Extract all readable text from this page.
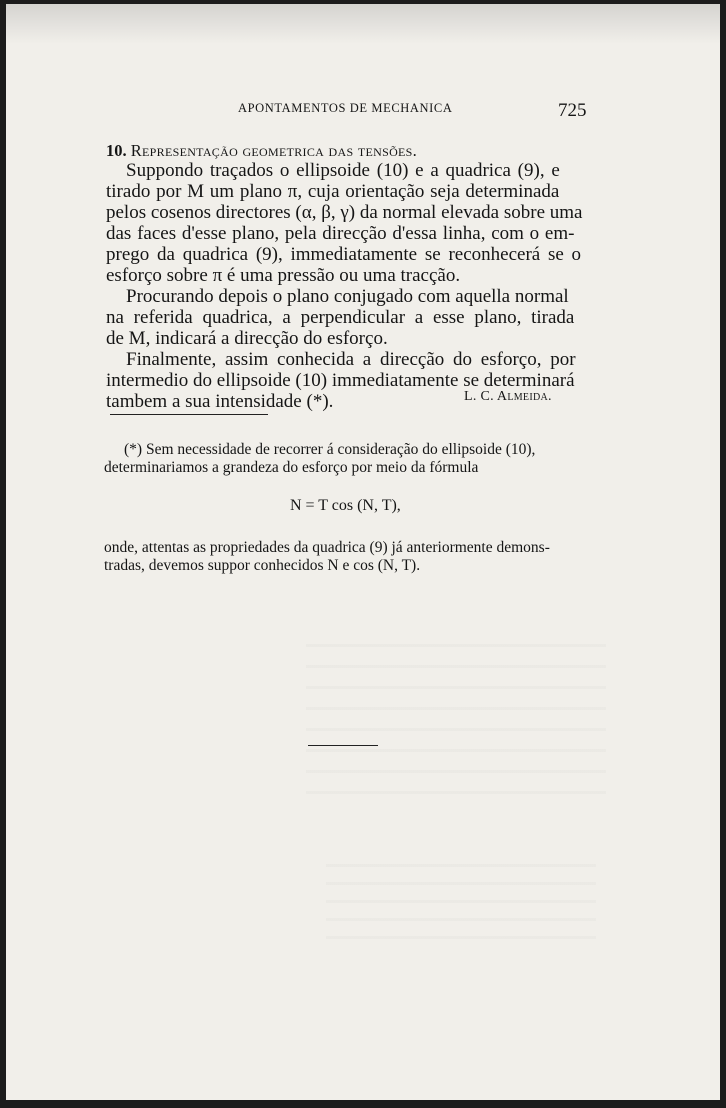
APONTAMENTOS DE MECHANICA	725
10. Representação geometrica das tensões.
Suppondo traçados o ellipsoide (10) e a quadrica (9), e
tirado por M um plano π, cuja orientação seja determinada
pelos cosenos directores (α, β, γ) da normal elevada sobre uma
das faces d'esse plano, pela direcção d'essa linha, com o em-
prego da quadrica (9), immediatamente se reconhecerá se o
esforço sobre π é uma pressão ou uma tracção.
Procurando depois o plano conjugado com aquella normal
na referida quadrica, a perpendicular a esse plano, tirada
de M, indicará a direcção do esforço.
Finalmente, assim conhecida a direcção do esforço, por
intermedio do ellipsoide (10) immediatamente se determinará
tambem a sua intensidade (*).	L. C. Almeida.
(*) Sem necessidade de recorrer á consideração do ellipsoide (10),
determinariamos a grandeza do esforço por meio da fórmula
N = T cos (N, T),
onde, attentas as propriedades da quadrica (9) já anteriormente demons-
tradas, devemos suppor conhecidos N e cos (N, T).
